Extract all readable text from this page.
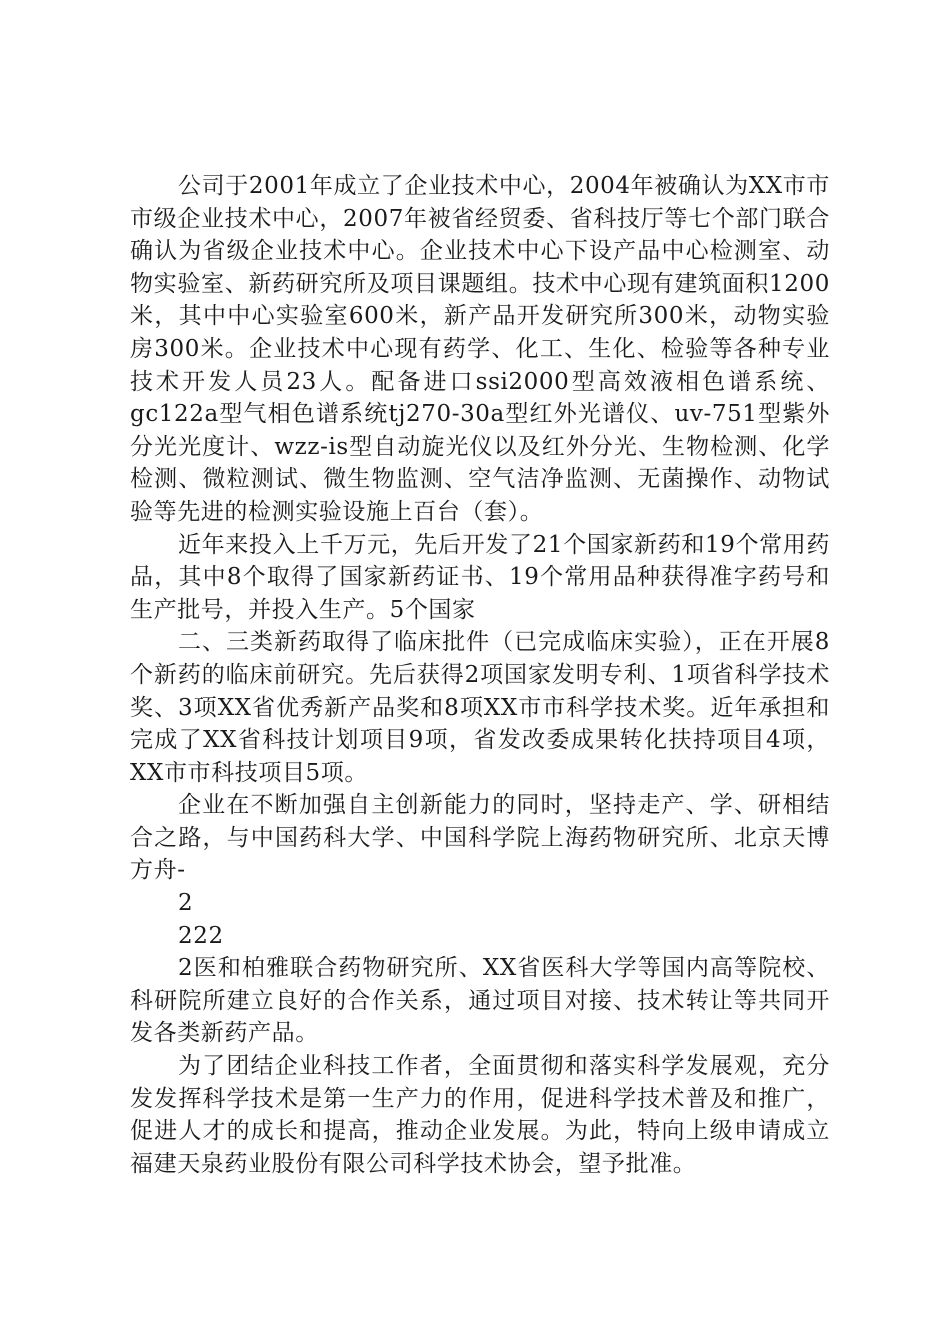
公司于2001年成立了企业技术中心，2004年被确认为XX市市市级企业技术中心，2007年被省经贸委、省科技厅等七个部门联合确认为省级企业技术中心。企业技术中心下设产品中心检测室、动物实验室、新药研究所及项目课题组。技术中心现有建筑面积1200米，其中中心实验室600米，新产品开发研究所300米，动物实验房300米。企业技术中心现有药学、化工、生化、检验等各种专业技术开发人员23人。配备进口ssi2000型高效液相色谱系统、gc122a型气相色谱系统tj270-30a型红外光谱仪、uv-751型紫外分光光度计、wzz-is型自动旋光仪以及红外分光、生物检测、化学检测、微粒测试、微生物监测、空气洁净监测、无菌操作、动物试验等先进的检测实验设施上百台（套）。

近年来投入上千万元，先后开发了21个国家新药和19个常用药品，其中8个取得了国家新药证书、19个常用品种获得准字药号和生产批号，并投入生产。5个国家

二、三类新药取得了临床批件（已完成临床实验），正在开展8个新药的临床前研究。先后获得2项国家发明专利、1项省科学技术奖、3项XX省优秀新产品奖和8项XX市市科学技术奖。近年承担和完成了XX省科技计划项目9项，省发改委成果转化扶持项目4项，XX市市科技项目5项。

企业在不断加强自主创新能力的同时，坚持走产、学、研相结合之路，与中国药科大学、中国科学院上海药物研究所、北京天博方舟-

2

222

2医和柏雅联合药物研究所、XX省医科大学等国内高等院校、科研院所建立良好的合作关系，通过项目对接、技术转让等共同开发各类新药产品。

为了团结企业科技工作者，全面贯彻和落实科学发展观，充分发发挥科学技术是第一生产力的作用，促进科学技术普及和推广，促进人才的成长和提高，推动企业发展。为此，特向上级申请成立福建天泉药业股份有限公司科学技术协会，望予批准。
